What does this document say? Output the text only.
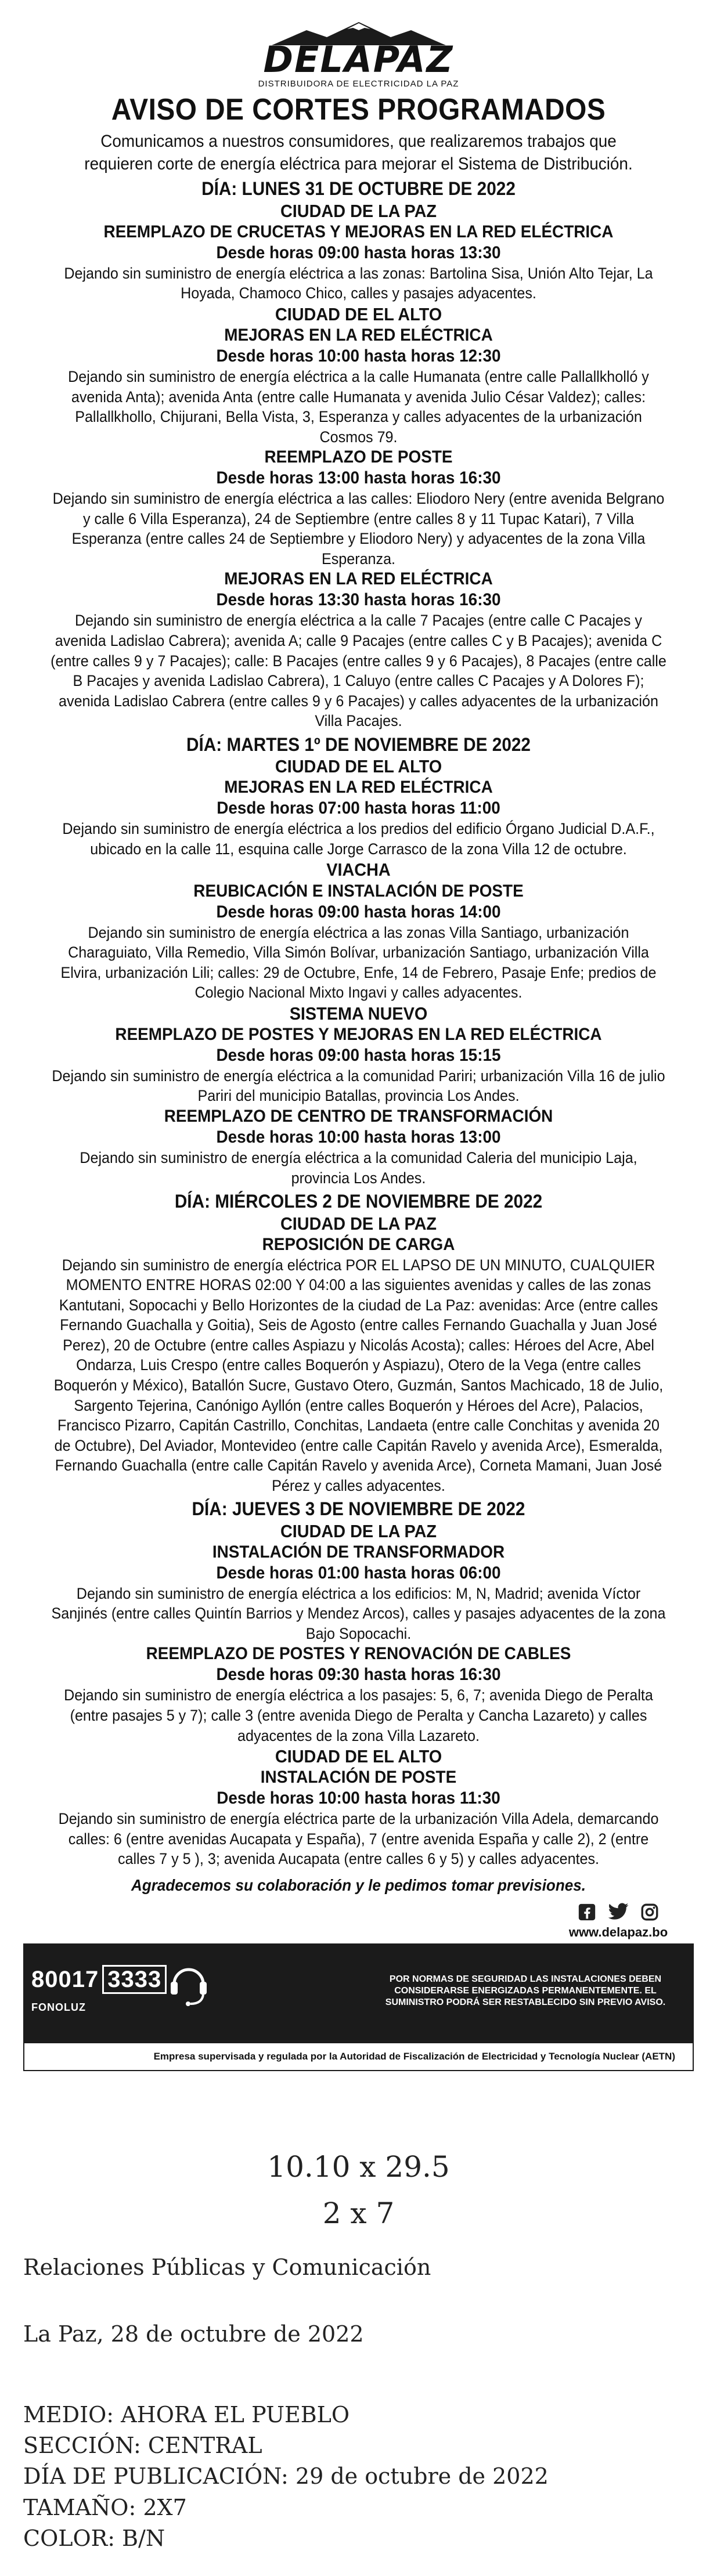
DELAPAZ
DISTRIBUIDORA DE ELECTRICIDAD LA PAZ
AVISO DE CORTES PROGRAMADOS
Comunicamos a nuestros consumidores, que realizaremos trabajos que requieren corte de energía eléctrica para mejorar el Sistema de Distribución.
DÍA: LUNES 31 DE OCTUBRE DE 2022
CIUDAD DE LA PAZ
REEMPLAZO DE CRUCETAS Y MEJORAS EN LA RED ELÉCTRICA
Desde horas 09:00 hasta horas 13:30
Dejando sin suministro de energía eléctrica a las zonas: Bartolina Sisa, Unión Alto Tejar, La Hoyada, Chamoco Chico, calles y pasajes adyacentes.
CIUDAD DE EL ALTO
MEJORAS EN LA RED ELÉCTRICA
Desde horas 10:00 hasta horas 12:30
Dejando sin suministro de energía eléctrica a la calle Humanata (entre calle Pallallkholló y avenida Anta); avenida Anta (entre calle Humanata y avenida Julio César Valdez); calles: Pallallkhollo, Chijurani, Bella Vista, 3, Esperanza y calles adyacentes de la urbanización Cosmos 79.
REEMPLAZO DE POSTE
Desde horas 13:00 hasta horas 16:30
Dejando sin suministro de energía eléctrica a las calles: Eliodoro Nery (entre avenida Belgrano y calle 6 Villa Esperanza), 24 de Septiembre (entre calles 8 y 11 Tupac Katari), 7 Villa Esperanza (entre calles 24 de Septiembre y Eliodoro Nery) y adyacentes de la zona Villa Esperanza.
MEJORAS EN LA RED ELÉCTRICA
Desde horas 13:30 hasta horas 16:30
Dejando sin suministro de energía eléctrica a la calle 7 Pacajes (entre calle C Pacajes y avenida Ladislao Cabrera); avenida A; calle 9 Pacajes (entre calles C y B Pacajes); avenida C (entre calles 9 y 7 Pacajes); calle: B Pacajes (entre calles 9 y 6 Pacajes), 8 Pacajes (entre calle B Pacajes y avenida Ladislao Cabrera), 1 Caluyo (entre calles C Pacajes y A Dolores F); avenida Ladislao Cabrera (entre calles 9 y 6 Pacajes) y calles adyacentes de la urbanización Villa Pacajes.
DÍA: MARTES 1º DE NOVIEMBRE DE 2022
CIUDAD DE EL ALTO
MEJORAS EN LA RED ELÉCTRICA
Desde horas 07:00 hasta horas 11:00
Dejando sin suministro de energía eléctrica a los predios del edificio Órgano Judicial D.A.F., ubicado en la calle 11, esquina calle Jorge Carrasco de la zona Villa 12 de octubre.
VIACHA
REUBICACIÓN E INSTALACIÓN DE POSTE
Desde horas 09:00 hasta horas 14:00
Dejando sin suministro de energía eléctrica a las zonas Villa Santiago, urbanización Charaguiato, Villa Remedio, Villa Simón Bolívar, urbanización Santiago, urbanización Villa Elvira, urbanización Lili; calles: 29 de Octubre, Enfe, 14 de Febrero, Pasaje Enfe; predios de Colegio Nacional Mixto Ingavi y calles adyacentes.
SISTEMA NUEVO
REEMPLAZO DE POSTES Y MEJORAS EN LA RED ELÉCTRICA
Desde horas 09:00 hasta horas 15:15
Dejando sin suministro de energía eléctrica a la comunidad Pariri; urbanización Villa 16 de julio Pariri del municipio Batallas, provincia Los Andes.
REEMPLAZO DE CENTRO DE TRANSFORMACIÓN
Desde horas 10:00 hasta horas 13:00
Dejando sin suministro de energía eléctrica a la comunidad Caleria del municipio Laja, provincia Los Andes.
DÍA: MIÉRCOLES 2 DE NOVIEMBRE DE 2022
CIUDAD DE LA PAZ
REPOSICIÓN DE CARGA
Dejando sin suministro de energía eléctrica POR EL LAPSO DE UN MINUTO, CUALQUIER MOMENTO ENTRE HORAS 02:00 Y 04:00 a las siguientes avenidas y calles de las zonas Kantutani, Sopocachi y Bello Horizontes de la ciudad de La Paz: avenidas: Arce (entre calles Fernando Guachalla y Goitia), Seis de Agosto (entre calles Fernando Guachalla y Juan José Perez), 20 de Octubre (entre calles Aspiazu y Nicolás Acosta); calles: Héroes del Acre, Abel Ondarza, Luis Crespo (entre calles Boquerón y Aspiazu), Otero de la Vega (entre calles Boquerón y México), Batallón Sucre, Gustavo Otero, Guzmán, Santos Machicado, 18 de Julio, Sargento Tejerina, Canónigo Ayllón (entre calles Boquerón y Héroes del Acre), Palacios, Francisco Pizarro, Capitán Castrillo, Conchitas, Landaeta (entre calle Conchitas y avenida 20 de Octubre), Del Aviador, Montevideo (entre calle Capitán Ravelo y avenida Arce), Esmeralda, Fernando Guachalla (entre calle Capitán Ravelo y avenida Arce), Corneta Mamani, Juan José Pérez y calles adyacentes.
DÍA: JUEVES 3 DE NOVIEMBRE DE 2022
CIUDAD DE LA PAZ
INSTALACIÓN DE TRANSFORMADOR
Desde horas 01:00 hasta horas 06:00
Dejando sin suministro de energía eléctrica a los edificios: M, N, Madrid; avenida Víctor Sanjinés (entre calles Quintín Barrios y Mendez Arcos), calles y pasajes adyacentes de la zona Bajo Sopocachi.
REEMPLAZO DE POSTES Y RENOVACIÓN DE CABLES
Desde horas 09:30 hasta horas 16:30
Dejando sin suministro de energía eléctrica a los pasajes: 5, 6, 7; avenida Diego de Peralta (entre pasajes 5 y 7); calle 3 (entre avenida Diego de Peralta y Cancha Lazareto) y calles adyacentes de la zona Villa Lazareto.
CIUDAD DE EL ALTO
INSTALACIÓN DE POSTE
Desde horas 10:00 hasta horas 11:30
Dejando sin suministro de energía eléctrica parte de la urbanización Villa Adela, demarcando calles: 6 (entre avenidas Aucapata y España), 7 (entre avenida España y calle 2), 2 (entre calles 7 y 5 ), 3; avenida Aucapata (entre calles 6 y 5) y calles adyacentes.
Agradecemos su colaboración y le pedimos tomar previsiones.
www.delapaz.bo
80017 3333
FONOLUZ
POR NORMAS DE SEGURIDAD LAS INSTALACIONES DEBEN CONSIDERARSE ENERGIZADAS PERMANENTEMENTE. EL SUMINISTRO PODRÁ SER RESTABLECIDO SIN PREVIO AVISO.
Empresa supervisada y regulada por la Autoridad de Fiscalización de Electricidad y Tecnología Nuclear (AETN)
10.10 x 29.5
2 x 7
Relaciones Públicas y Comunicación
La Paz, 28 de octubre de 2022
MEDIO: AHORA EL PUEBLO
SECCIÓN: CENTRAL
DÍA DE PUBLICACIÓN: 29 de octubre de 2022
TAMAÑO: 2X7
COLOR: B/N
